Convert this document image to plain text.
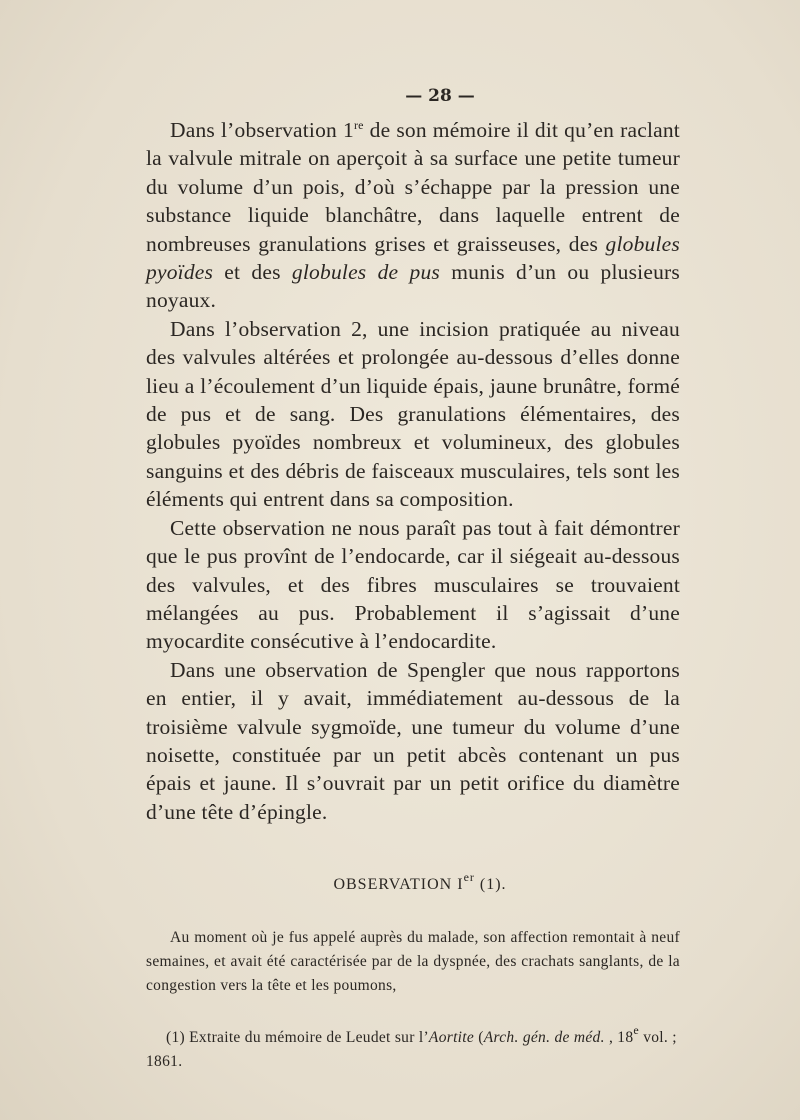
— 28 —

Dans l’observation 1re de son mémoire il dit qu’en raclant la valvule mitrale on aperçoit à sa surface une petite tumeur du volume d’un pois, d’où s’échappe par la pression une substance liquide blanchâtre, dans laquelle entrent de nombreuses granulations grises et graisseuses, des globules pyoïdes et des globules de pus munis d’un ou plusieurs noyaux.

Dans l’observation 2, une incision pratiquée au niveau des valvules altérées et prolongée au-dessous d’elles donne lieu a l’écoulement d’un liquide épais, jaune brunâtre, formé de pus et de sang. Des granulations élémentaires, des globules pyoïdes nombreux et volumineux, des globules sanguins et des débris de faisceaux musculaires, tels sont les éléments qui entrent dans sa composition.

Cette observation ne nous paraît pas tout à fait démontrer que le pus provînt de l’endocarde, car il siégeait au-dessous des valvules, et des fibres musculaires se trouvaient mélangées au pus. Probablement il s’agissait d’une myocardite consécutive à l’endocardite.

Dans une observation de Spengler que nous rapportons en entier, il y avait, immédiatement au-dessous de la troisième valvule sygmoïde, une tumeur du volume d’une noisette, constituée par un petit abcès contenant un pus épais et jaune. Il s’ouvrait par un petit orifice du diamètre d’une tête d’épingle.

OBSERVATION Ier (1).

Au moment où je fus appelé auprès du malade, son affection remontait à neuf semaines, et avait été caractérisée par de la dyspnée, des crachats sanglants, de la congestion vers la tête et les poumons,

(1) Extraite du mémoire de Leudet sur l’Aortite (Arch. gén. de méd. , 18e vol. ; 1861.
